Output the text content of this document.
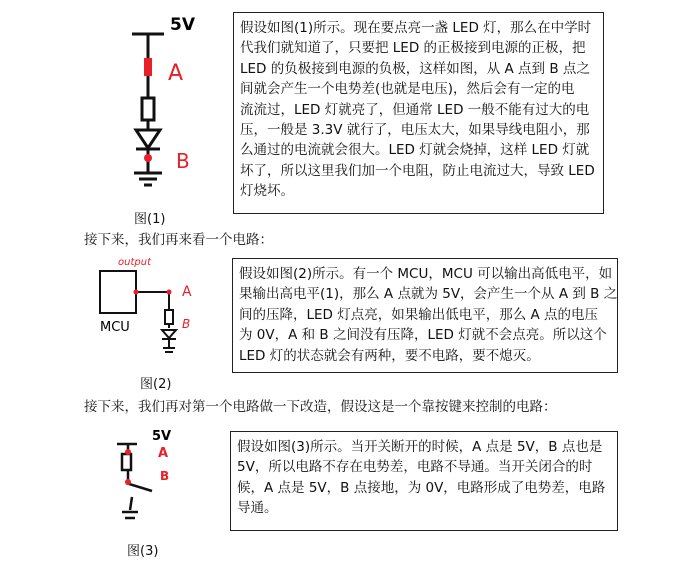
5V
A
B
图(1)
假设如图(1)所示。现在要点亮一盏 LED 灯，那么在中学时
代我们就知道了，只要把 LED 的正极接到电源的正极，把
LED 的负极接到电源的负极，这样如图，从 A 点到 B 点之
间就会产生一个电势差(也就是电压)，然后会有一定的电
流流过，LED 灯就亮了，但通常 LED 一般不能有过大的电
压，一般是 3.3V 就行了，电压太大，如果导线电阻小，那
么通过的电流就会很大。LED 灯就会烧掉，这样 LED 灯就
坏了，所以这里我们加一个电阻，防止电流过大，导致 LED
灯烧坏。
接下来，我们再来看一个电路：
output
MCU
A
B
图(2)
假设如图(2)所示。有一个 MCU，MCU 可以输出高低电平，如
果输出高电平(1)，那么 A 点就为 5V，会产生一个从 A 到 B 之
间的压降，LED 灯点亮，如果输出低电平，那么 A 点的电压
为 0V，A 和 B 之间没有压降，LED 灯就不会点亮。所以这个
LED 灯的状态就会有两种，要不电路，要不熄灭。
接下来，我们再对第一个电路做一下改造，假设这是一个靠按键来控制的电路：
5V
A
B
图(3)
假设如图(3)所示。当开关断开的时候，A 点是 5V，B 点也是
5V，所以电路不存在电势差，电路不导通。当开关闭合的时
候，A 点是 5V，B 点接地，为 0V，电路形成了电势差，电路
导通。
